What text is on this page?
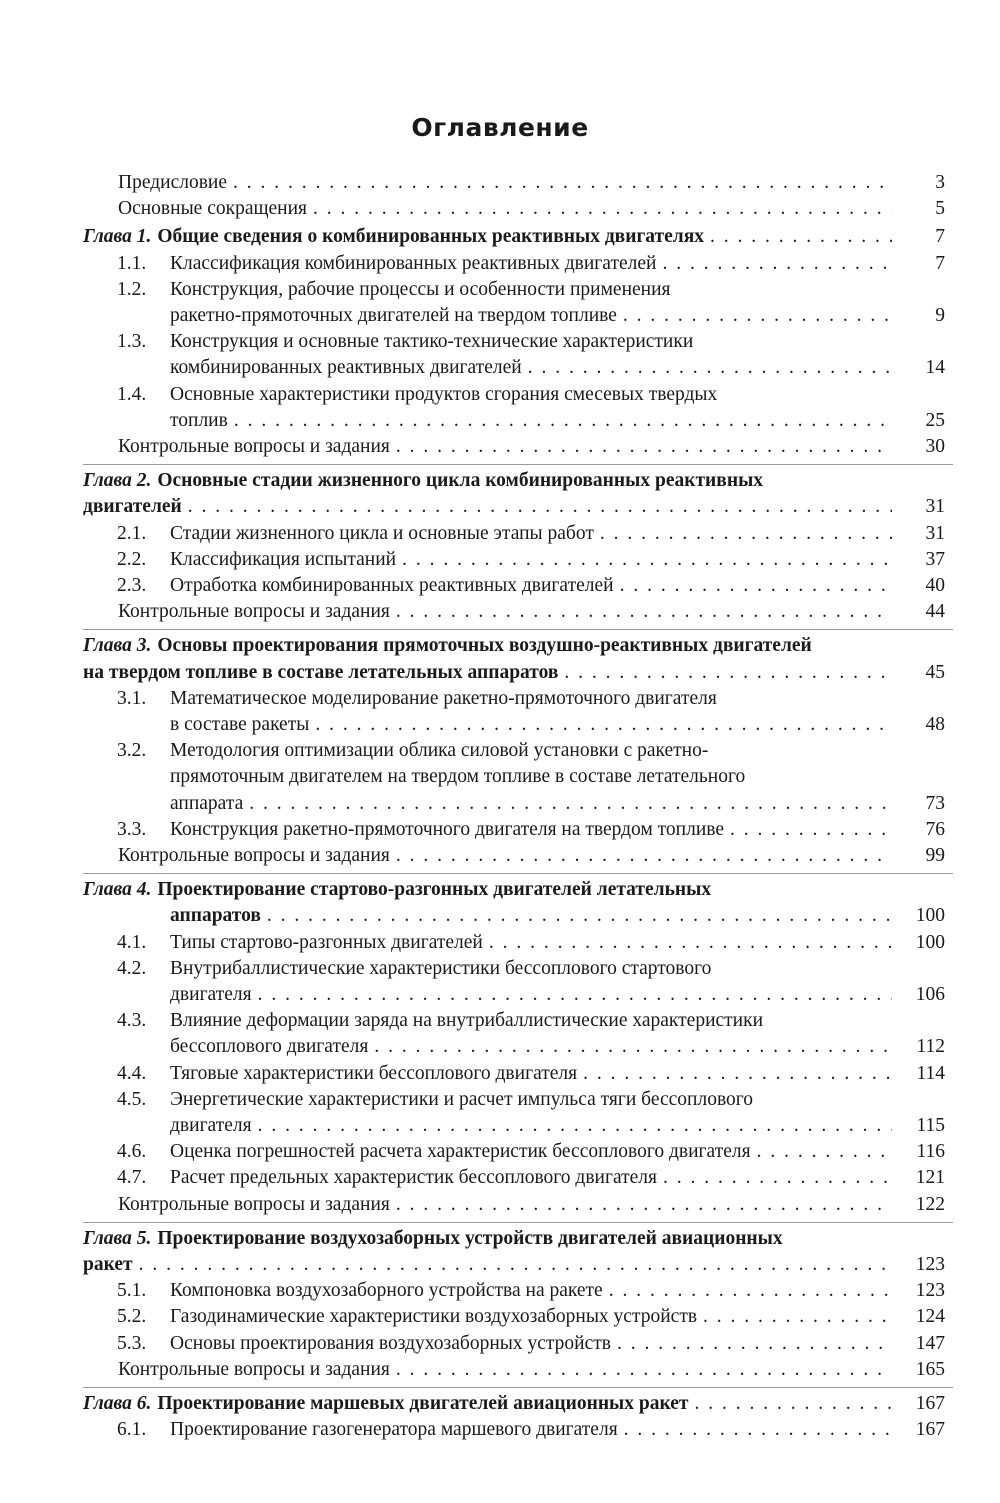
Оглавление
Предисловие . . .	3
Основные сокращения . . .	5
Глава 1. Общие сведения о комбинированных реактивных двигателях . . .	7
1.1. Классификация комбинированных реактивных двигателей . . .	7
1.2. Конструкция, рабочие процессы и особенности применения
ракетно-прямоточных двигателей на твердом топливе . . .	9
1.3. Конструкция и основные тактико-технические характеристики
комбинированных реактивных двигателей . . .	14
1.4. Основные характеристики продуктов сгорания смесевых твердых
топлив . . .	25
Контрольные вопросы и задания . . .	30
Глава 2. Основные стадии жизненного цикла комбинированных реактивных
двигателей . . .	31
2.1. Стадии жизненного цикла и основные этапы работ . . .	31
2.2. Классификация испытаний . . .	37
2.3. Отработка комбинированных реактивных двигателей . . .	40
Контрольные вопросы и задания . . .	44
Глава 3. Основы проектирования прямоточных воздушно-реактивных двигателей
на твердом топливе в составе летательных аппаратов . . .	45
3.1. Математическое моделирование ракетно-прямоточного двигателя
в составе ракеты . . .	48
3.2. Методология оптимизации облика силовой установки с ракетно-
прямоточным двигателем на твердом топливе в составе летательного
аппарата . . .	73
3.3. Конструкция ракетно-прямоточного двигателя на твердом топливе . . .	76
Контрольные вопросы и задания . . .	99
Глава 4. Проектирование стартово-разгонных двигателей летательных
аппаратов . . .	100
4.1. Типы стартово-разгонных двигателей . . .	100
4.2. Внутрибаллистические характеристики бессоплового стартового
двигателя . . .	106
4.3. Влияние деформации заряда на внутрибаллистические характеристики
бессоплового двигателя . . .	112
4.4. Тяговые характеристики бессоплового двигателя . . .	114
4.5. Энергетические характеристики и расчет импульса тяги бессоплового
двигателя . . .	115
4.6. Оценка погрешностей расчета характеристик бессоплового двигателя . . .	116
4.7. Расчет предельных характеристик бессоплового двигателя . . .	121
Контрольные вопросы и задания . . .	122
Глава 5. Проектирование воздухозаборных устройств двигателей авиационных
ракет . . .	123
5.1. Компоновка воздухозаборного устройства на ракете . . .	123
5.2. Газодинамические характеристики воздухозаборных устройств . . .	124
5.3. Основы проектирования воздухозаборных устройств . . .	147
Контрольные вопросы и задания . . .	165
Глава 6. Проектирование маршевых двигателей авиационных ракет . . .	167
6.1. Проектирование газогенератора маршевого двигателя . . .	167
